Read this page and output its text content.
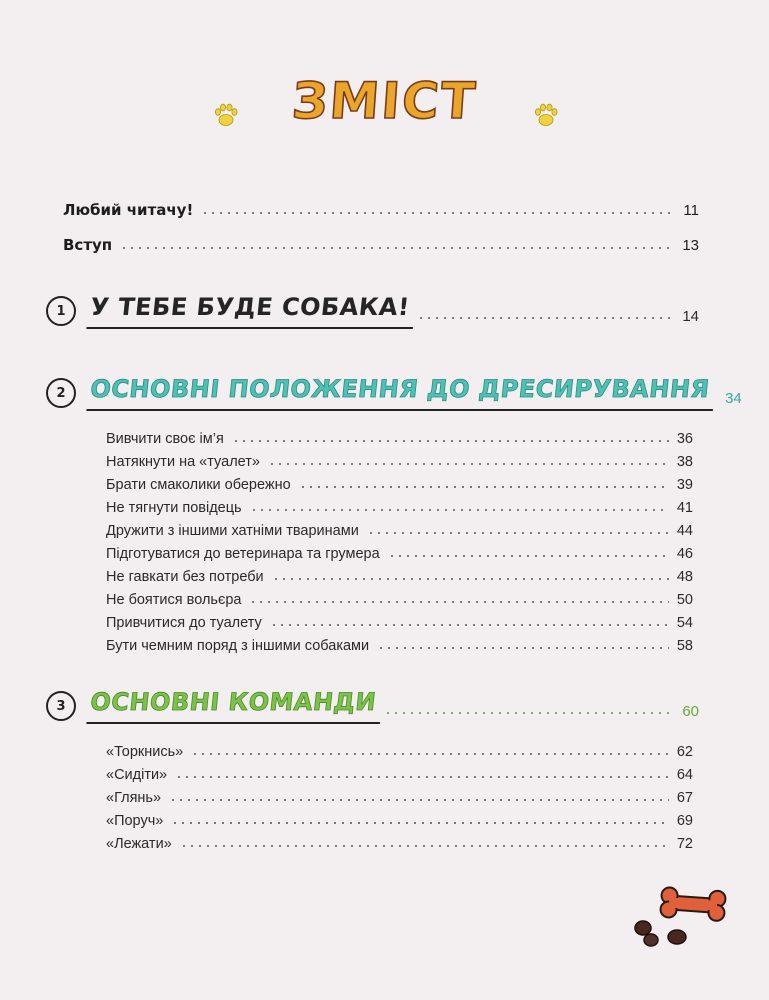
ЗМІСТ
Любий читачу!	11
Вступ	13
1 У ТЕБЕ БУДЕ СОБАКА!	14
2 ОСНОВНІ ПОЛОЖЕННЯ ДО ДРЕСИРУВАННЯ 34
Вивчити своє ім’я	36
Натякнути на «туалет»	38
Брати смаколики обережно	39
Не тягнути повідець	41
Дружити з іншими хатніми тваринами	44
Підготуватися до ветеринара та грумера	46
Не гавкати без потреби	48
Не боятися вольєра	50
Привчитися до туалету	54
Бути чемним поряд з іншими собаками	58
3 ОСНОВНІ КОМАНДИ	60
«Торкнись»	62
«Сидіти»	64
«Глянь»	67
«Поруч»	69
«Лежати»	72
